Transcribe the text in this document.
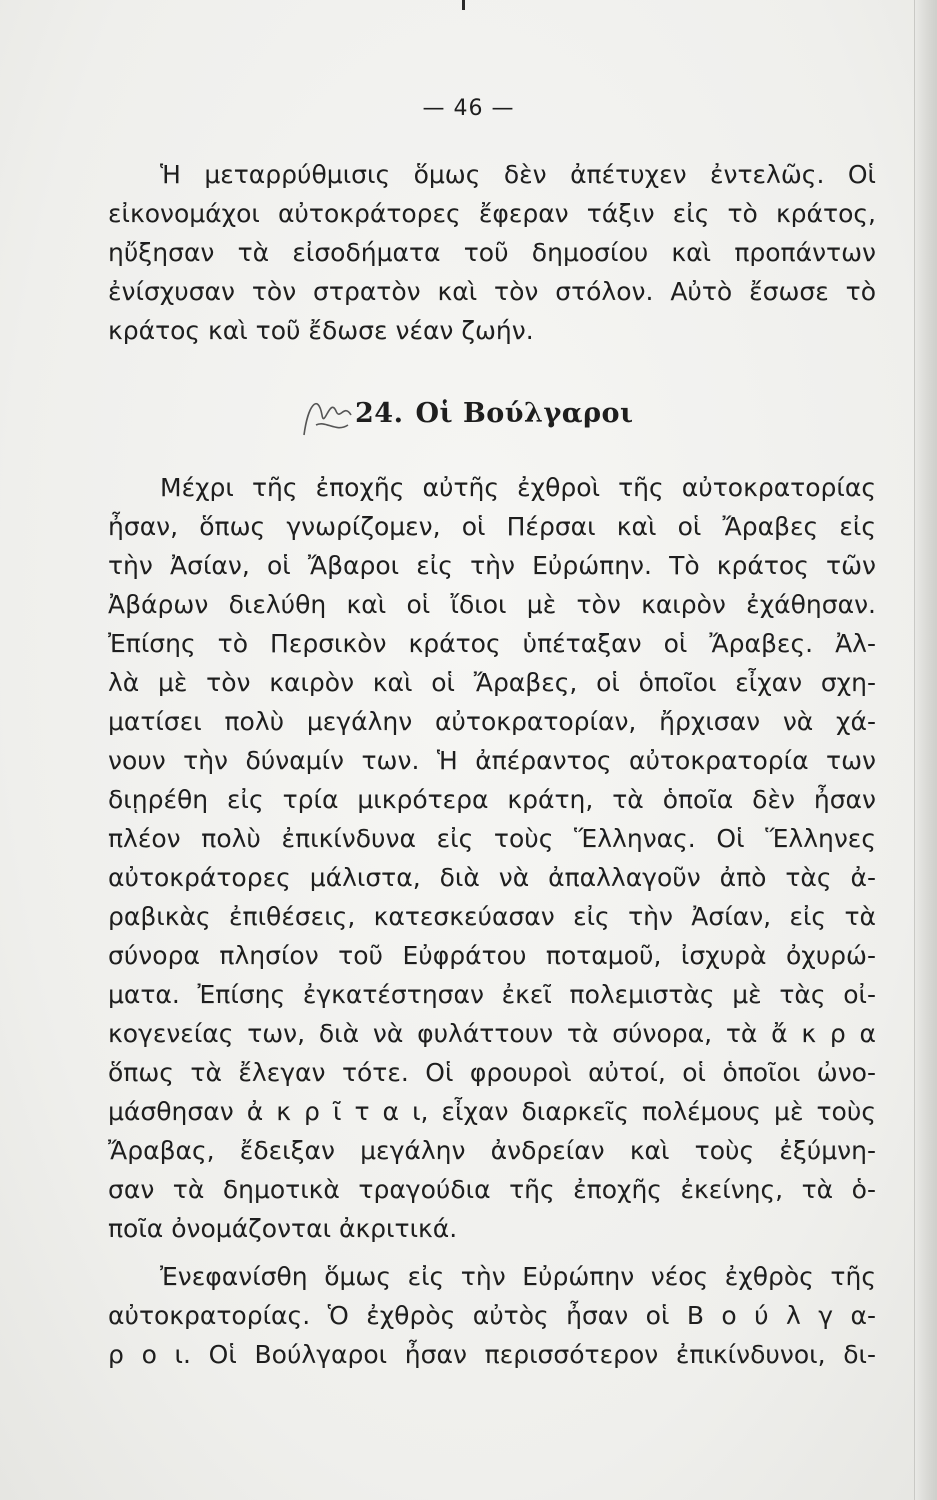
— 46 —
Ἡ μεταρρύθμισις ὅμως δὲν ἀπέτυχεν ἐντελῶς. Οἱ
εἰκονομάχοι αὐτοκράτορες ἔφεραν τάξιν εἰς τὸ κράτος,
ηὔξησαν τὰ εἰσοδήματα τοῦ δημοσίου καὶ προπάντων
ἐνίσχυσαν τὸν στρατὸν καὶ τὸν στόλον. Αὐτὸ ἔσωσε τὸ
κράτος καὶ τοῦ ἔδωσε νέαν ζωήν.
24. Οἱ Βούλγαροι
Μέχρι τῆς ἐποχῆς αὐτῆς ἐχθροὶ τῆς αὐτοκρατορίας
ἦσαν, ὅπως γνωρίζομεν, οἱ Πέρσαι καὶ οἱ Ἄραβες εἰς
τὴν Ἀσίαν, οἱ Ἄβαροι εἰς τὴν Εὐρώπην. Τὸ κράτος τῶν
Ἀβάρων διελύθη καὶ οἱ ἴδιοι μὲ τὸν καιρὸν ἐχάθησαν.
Ἐπίσης τὸ Περσικὸν κράτος ὑπέταξαν οἱ Ἄραβες. Ἀλ-
λὰ μὲ τὸν καιρὸν καὶ οἱ Ἄραβες, οἱ ὁποῖοι εἶχαν σχη-
ματίσει πολὺ μεγάλην αὐτοκρατορίαν, ἤρχισαν νὰ χά-
νουν τὴν δύναμίν των. Ἡ ἀπέραντος αὐτοκρατορία των
διῃρέθη εἰς τρία μικρότερα κράτη, τὰ ὁποῖα δὲν ἦσαν
πλέον πολὺ ἐπικίνδυνα εἰς τοὺς Ἕλληνας. Οἱ Ἕλληνες
αὐτοκράτορες μάλιστα, διὰ νὰ ἀπαλλαγοῦν ἀπὸ τὰς ἀ-
ραβικὰς ἐπιθέσεις, κατεσκεύασαν εἰς τὴν Ἀσίαν, εἰς τὰ
σύνορα πλησίον τοῦ Εὐφράτου ποταμοῦ, ἰσχυρὰ ὀχυρώ-
ματα. Ἐπίσης ἐγκατέστησαν ἐκεῖ πολεμιστὰς μὲ τὰς οἰ-
κογενείας των, διὰ νὰ φυλάττουν τὰ σύνορα, τὰ ἄ κ ρ α
ὅπως τὰ ἔλεγαν τότε. Οἱ φρουροὶ αὐτοί, οἱ ὁποῖοι ὠνο-
μάσθησαν ἀ κ ρ ῖ τ α ι, εἶχαν διαρκεῖς πολέμους μὲ τοὺς
Ἄραβας, ἔδειξαν μεγάλην ἀνδρείαν καὶ τοὺς ἐξύμνη-
σαν τὰ δημοτικὰ τραγούδια τῆς ἐποχῆς ἐκείνης, τὰ ὁ-
ποῖα ὀνομάζονται ἀκριτικά.
Ἐνεφανίσθη ὅμως εἰς τὴν Εὐρώπην νέος ἐχθρὸς τῆς
αὐτοκρατορίας. Ὁ ἐχθρὸς αὐτὸς ἦσαν οἱ Β ο ύ λ γ α-
ρ ο ι. Οἱ Βούλγαροι ἦσαν περισσότερον ἐπικίνδυνοι, δι-
